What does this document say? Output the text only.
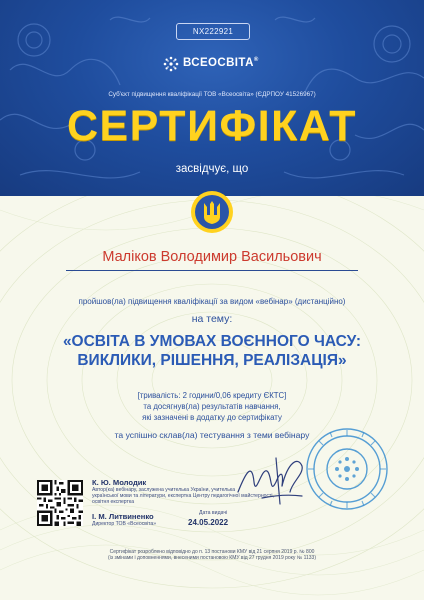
NX222921
ВСЕОСВІТА®
Суб'єкт підвищення кваліфікації ТОВ «Всеосвіта» (ЄДРПОУ 41526967)
СЕРТИФІКАТ
засвідчує, що
Маліков Володимир Васильович
пройшов(ла) підвищення кваліфікації за видом «вебінар» (дистанційно)
на тему:
«ОСВІТА В УМОВАХ ВОЄННОГО ЧАСУ:
ВИКЛИКИ, РІШЕННЯ, РЕАЛІЗАЦІЯ»
[тривалість: 2 години/0,06 кредиту ЄКТС]
та досягнув(ла) результатів навчання,
які зазначені в додатку до сертифікату
та успішно склав(ла) тестування з теми вебінару
К. Ю. Молодик
Автор(ка) вебінару, заслужена учителька України, учителька
української мови та літератури, експертка Центру педагогічної майстерності,
освітня експертка
І. М. Литвиненко
Директор ТОВ «Всеосвіта»
Дата видачі
24.05.2022
Сертифікат розроблено відповідно до п. 13 постанови КМУ від 21 серпня 2019 р. № 800
(із змінами і доповненнями, внесеними постановою КМУ від 27 грудня 2019 року № 1133)
